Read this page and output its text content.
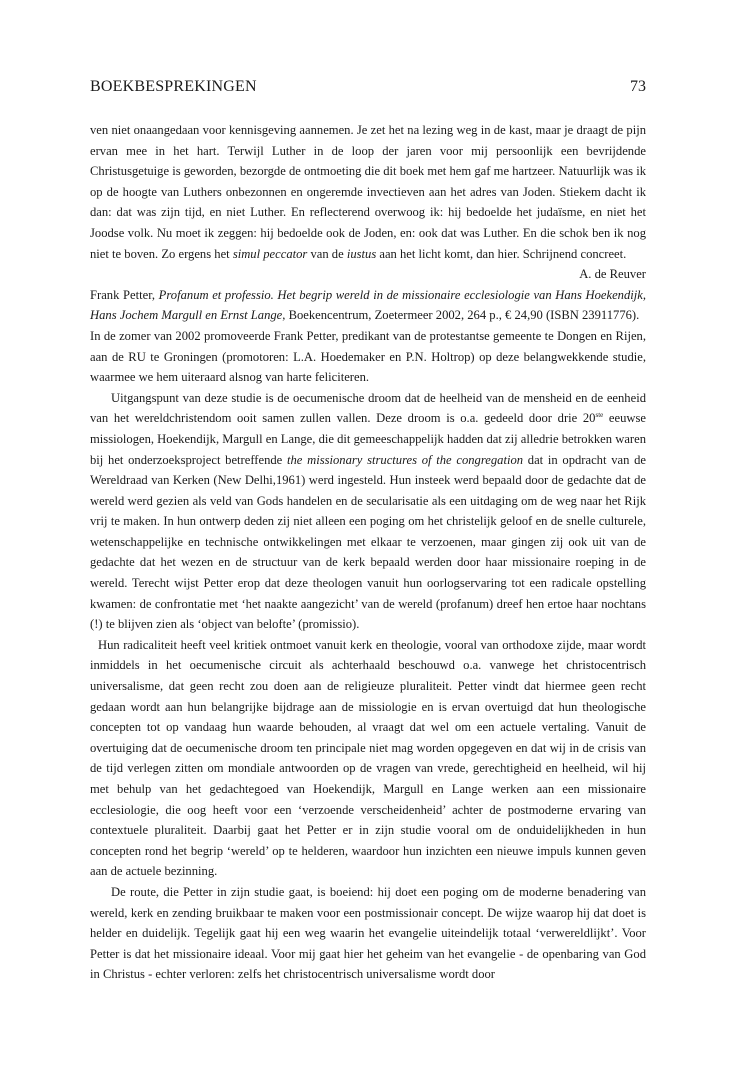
BOEKBESPREKINGEN	73

ven niet onaangedaan voor kennisgeving aannemen. Je zet het na lezing weg in de kast, maar je draagt de pijn ervan mee in het hart. Terwijl Luther in de loop der jaren voor mij persoonlijk een bevrijdende Christusgetuige is geworden, bezorgde de ontmoeting die dit boek met hem gaf me hartzeer. Natuurlijk was ik op de hoogte van Luthers onbezonnen en ongeremde invectieven aan het adres van Joden. Stiekem dacht ik dan: dat was zijn tijd, en niet Luther. En reflecterend overwoog ik: hij bedoelde het judaïsme, en niet het Joodse volk. Nu moet ik zeggen: hij bedoelde ook de Joden, en: ook dat was Luther. En die schok ben ik nog niet te boven. Zo ergens het simul peccator van de iustus aan het licht komt, dan hier. Schrijnend concreet.

A. de Reuver

Frank Petter, Profanum et professio. Het begrip wereld in de missionaire ecclesiologie van Hans Hoekendijk, Hans Jochem Margull en Ernst Lange, Boekencentrum, Zoetermeer 2002, 264 p., € 24,90 (ISBN 23911776).

In de zomer van 2002 promoveerde Frank Petter, predikant van de protestantse gemeente te Dongen en Rijen, aan de RU te Groningen (promotoren: L.A. Hoedemaker en P.N. Holtrop) op deze belangwekkende studie, waarmee we hem uiteraard alsnog van harte feliciteren.

Uitgangspunt van deze studie is de oecumenische droom dat de heelheid van de mensheid en de eenheid van het wereldchristendom ooit samen zullen vallen. Deze droom is o.a. gedeeld door drie 20ste eeuwse missiologen, Hoekendijk, Margull en Lange, die dit gemeeschappelijk hadden dat zij alledrie betrokken waren bij het onderzoeksproject betreffende the missionary structures of the congregation dat in opdracht van de Wereldraad van Kerken (New Delhi,1961) werd ingesteld. Hun insteek werd bepaald door de gedachte dat de wereld werd gezien als veld van Gods handelen en de secularisatie als een uitdaging om de weg naar het Rijk vrij te maken. In hun ontwerp deden zij niet alleen een poging om het christelijk geloof en de snelle culturele, wetenschappelijke en technische ontwikkelingen met elkaar te verzoenen, maar gingen zij ook uit van de gedachte dat het wezen en de structuur van de kerk bepaald werden door haar missionaire roeping in de wereld. Terecht wijst Petter erop dat deze theologen vanuit hun oorlogservaring tot een radicale opstelling kwamen: de confrontatie met ‘het naakte aangezicht’ van de wereld (profanum) dreef hen ertoe haar nochtans (!) te blijven zien als ‘object van belofte’ (promissio).

Hun radicaliteit heeft veel kritiek ontmoet vanuit kerk en theologie, vooral van orthodoxe zijde, maar wordt inmiddels in het oecumenische circuit als achterhaald beschouwd o.a. vanwege het christocentrisch universalisme, dat geen recht zou doen aan de religieuze pluraliteit. Petter vindt dat hiermee geen recht gedaan wordt aan hun belangrijke bijdrage aan de missiologie en is ervan overtuigd dat hun theologische concepten tot op vandaag hun waarde behouden, al vraagt dat wel om een actuele vertaling. Vanuit de overtuiging dat de oecumenische droom ten principale niet mag worden opgegeven en dat wij in de crisis van de tijd verlegen zitten om mondiale antwoorden op de vragen van vrede, gerechtigheid en heelheid, wil hij met behulp van het gedachtegoed van Hoekendijk, Margull en Lange werken aan een missionaire ecclesiologie, die oog heeft voor een ‘verzoende verscheidenheid’ achter de postmoderne ervaring van contextuele pluraliteit. Daarbij gaat het Petter er in zijn studie vooral om de onduidelijkheden in hun concepten rond het begrip ‘wereld’ op te helderen, waardoor hun inzichten een nieuwe impuls kunnen geven aan de actuele bezinning.

De route, die Petter in zijn studie gaat, is boeiend: hij doet een poging om de moderne benadering van wereld, kerk en zending bruikbaar te maken voor een postmissionair concept. De wijze waarop hij dat doet is helder en duidelijk. Tegelijk gaat hij een weg waarin het evangelie uiteindelijk totaal ‘verwereldlijkt’. Voor Petter is dat het missionaire ideaal. Voor mij gaat hier het geheim van het evangelie - de openbaring van God in Christus - echter verloren: zelfs het christocentrisch universalisme wordt door
